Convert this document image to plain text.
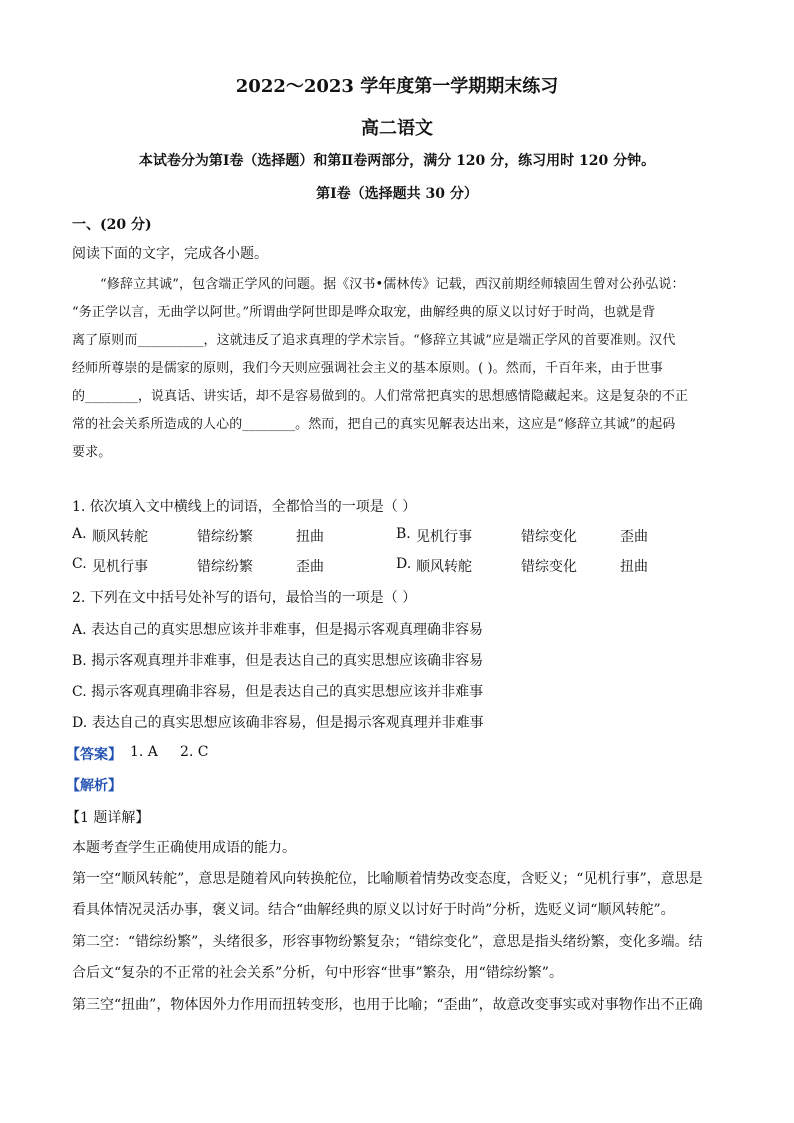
2022～2023 学年度第一学期期末练习
高二语文
本试卷分为第Ⅰ卷（选择题）和第Ⅱ卷两部分，满分 120 分，练习用时 120 分钟。
第Ⅰ卷（选择题共 30 分）
一、(20 分)
阅读下面的文字，完成各小题。

“修辞立其诚”，包含端正学风的问题。据《汉书•儒林传》记载，西汉前期经师辕固生曾对公孙弘说：

“务正学以言，无曲学以阿世。”所谓曲学阿世即是哗众取宠，曲解经典的原义以讨好于时尚，也就是背

离了原则而__________，这就违反了追求真理的学术宗旨。“修辞立其诚”应是端正学风的首要准则。汉代

经师所尊崇的是儒家的原则，我们今天则应强调社会主义的基本原则。( )。然而，千百年来，由于世事

的________，说真话、讲实话，却不是容易做到的。人们常常把真实的思想感情隐藏起来。这是复杂的不正

常的社会关系所造成的人心的________。然而，把自己的真实见解表达出来，这应是“修辞立其诚”的起码

要求。

1. 依次填入文中横线上的词语，全都恰当的一项是（ ）
A. 顺风转舵	错综纷繁	扭曲	B. 见机行事	错综变化	歪曲
C. 见机行事	错综纷繁	歪曲	D. 顺风转舵	错综变化	扭曲
2. 下列在文中括号处补写的语句，最恰当的一项是（ ）
A. 表达自己的真实思想应该并非难事，但是揭示客观真理确非容易
B. 揭示客观真理并非难事，但是表达自己的真实思想应该确非容易
C. 揭示客观真理确非容易，但是表达自己的真实思想应该并非难事
D. 表达自己的真实思想应该确非容易，但是揭示客观真理并非难事
【答案】 1. A 2. C
【解析】
【1 题详解】
本题考查学生正确使用成语的能力。
第一空“顺风转舵”，意思是随着风向转换舵位，比喻顺着情势改变态度，含贬义；“见机行事”，意思是
看具体情况灵活办事，褒义词。结合“曲解经典的原义以讨好于时尚”分析，选贬义词“顺风转舵”。
第二空：“错综纷繁”，头绪很多，形容事物纷繁复杂；“错综变化”，意思是指头绪纷繁，变化多端。结
合后文“复杂的不正常的社会关系”分析，句中形容“世事”繁杂，用“错综纷繁”。
第三空“扭曲”，物体因外力作用而扭转变形，也用于比喻；“歪曲”，故意改变事实或对事物作出不正确
